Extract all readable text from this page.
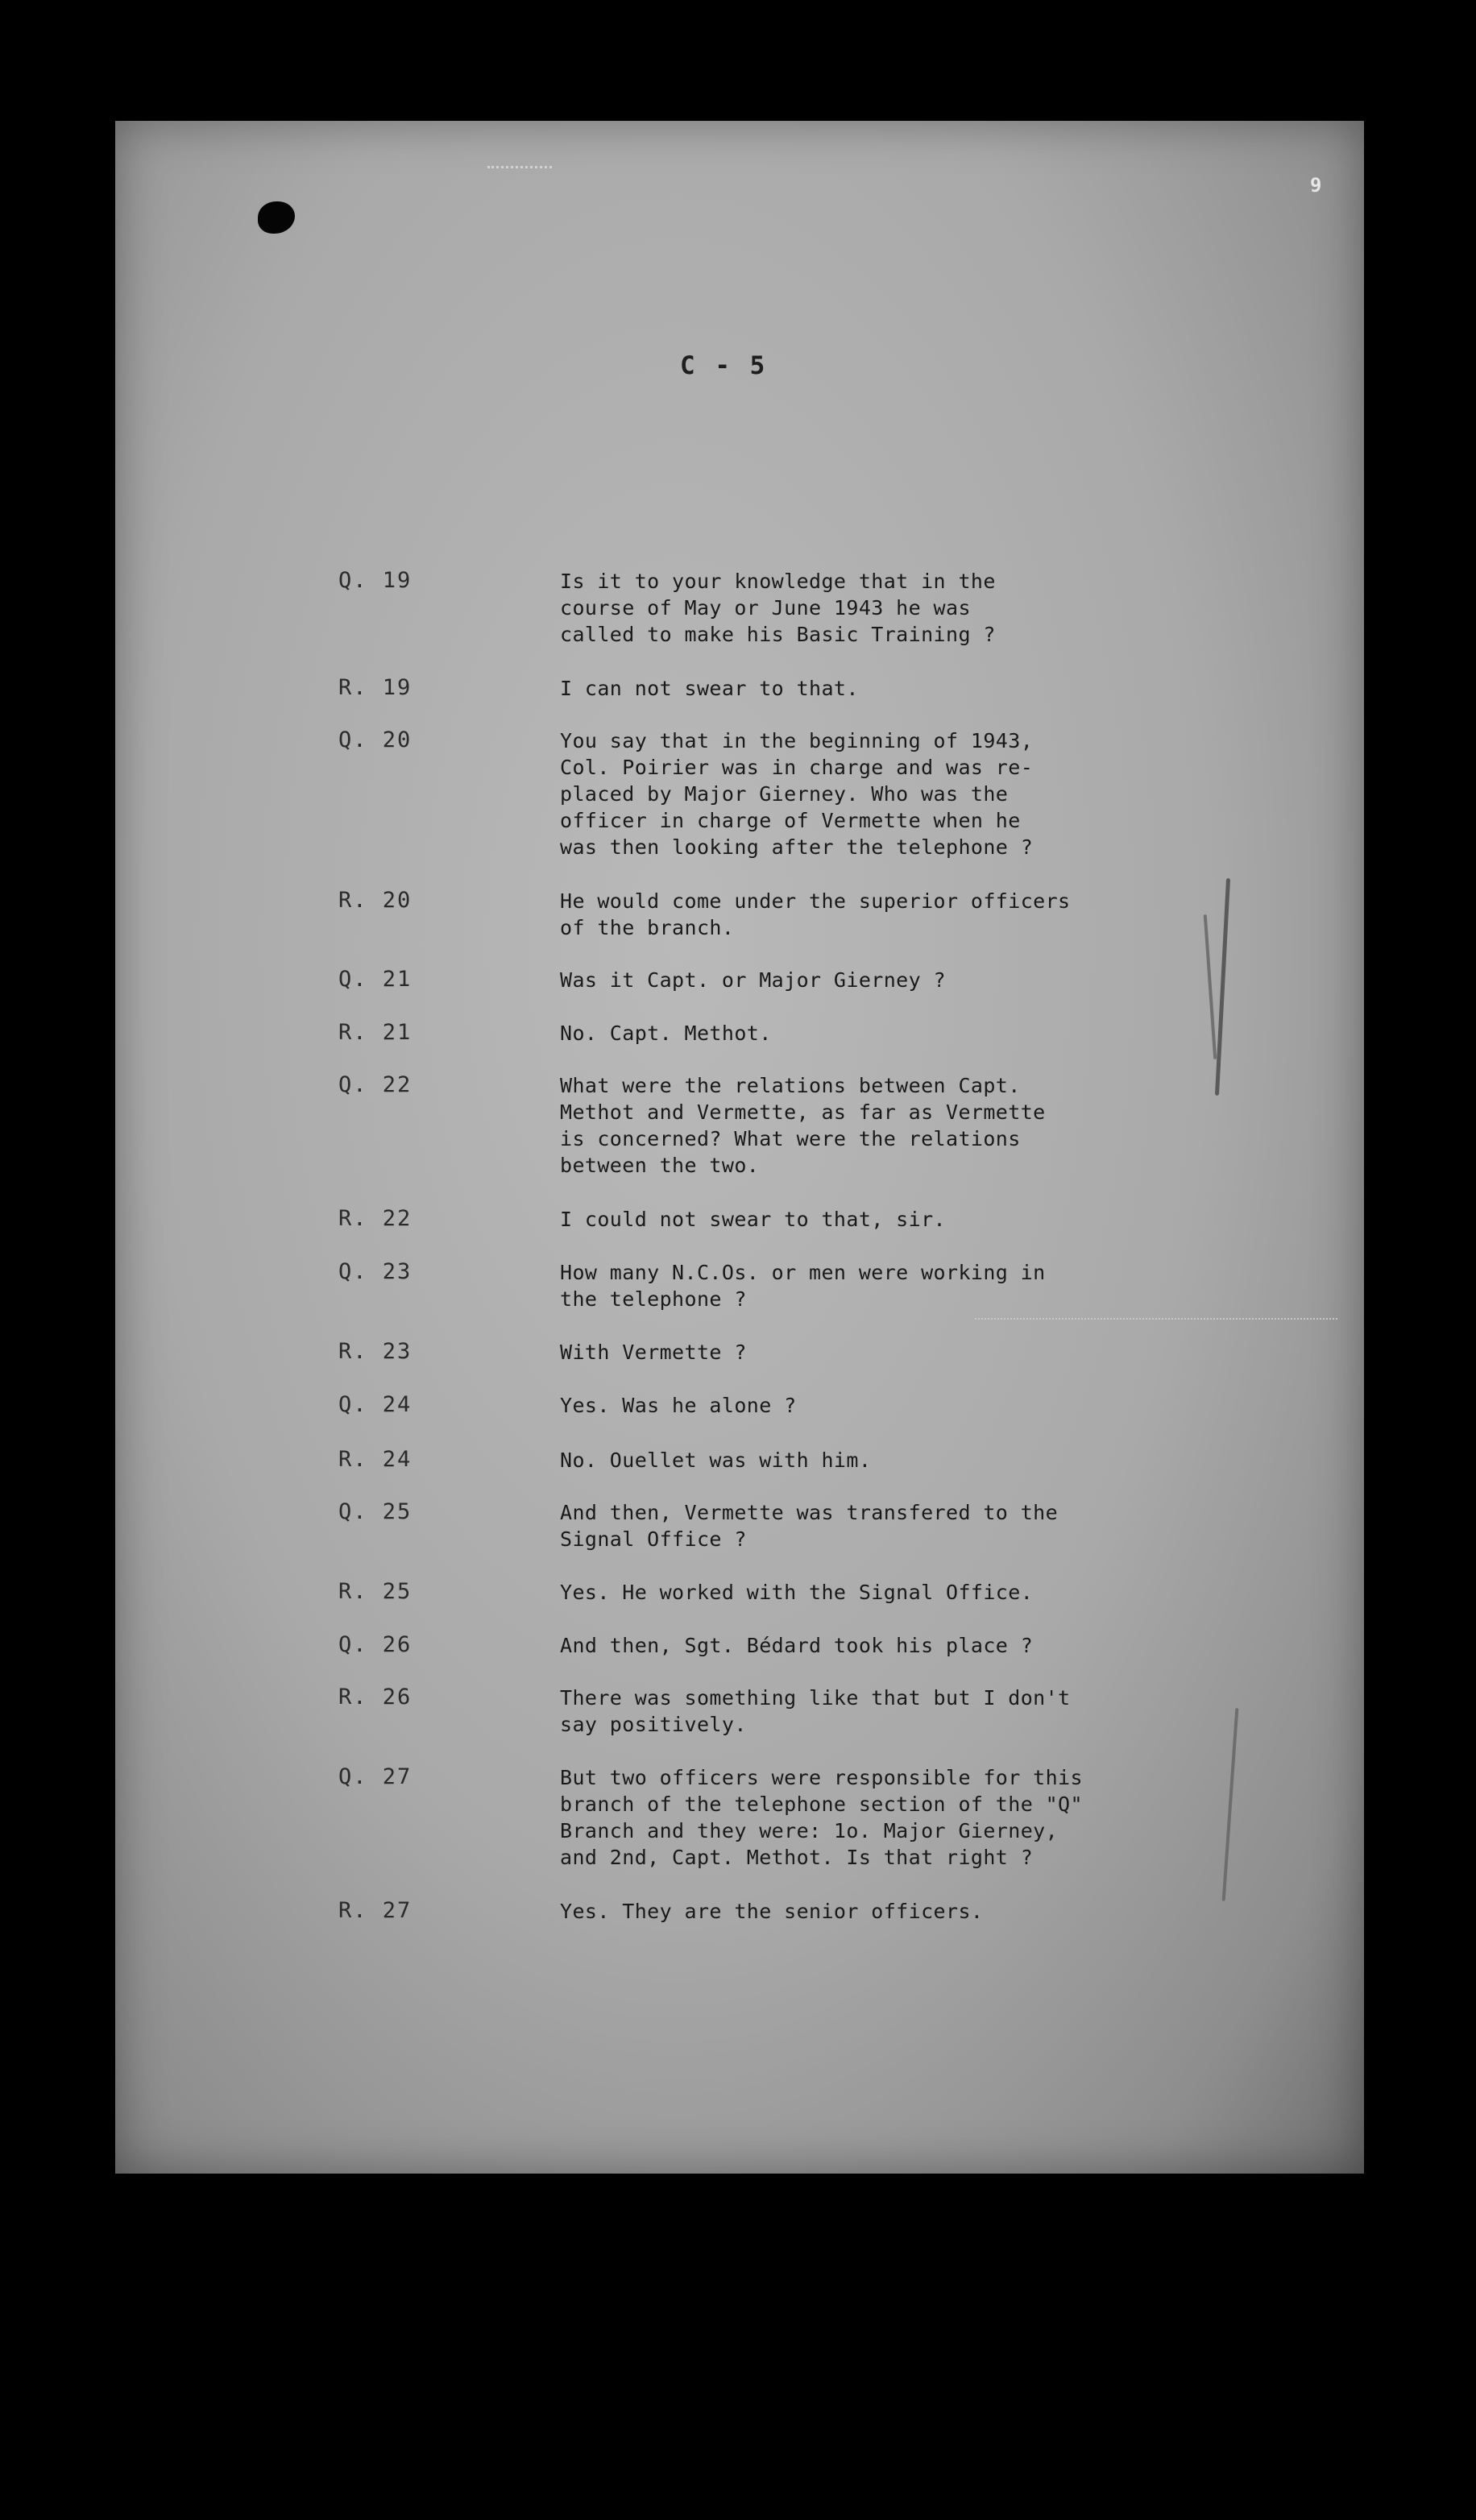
9
C - 5
Q. 19	Is it to your knowledge that in the
course of May or June 1943 he was
called to make his Basic Training ?
R. 19	I can not swear to that.
Q. 20	You say that in the beginning of 1943,
Col. Poirier was in charge and was re-
placed by Major Gierney. Who was the
officer in charge of Vermette when he
was then looking after the telephone ?
R. 20	He would come under the superior officers
of the branch.
Q. 21	Was it Capt. or Major Gierney ?
R. 21	No. Capt. Methot.
Q. 22	What were the relations between Capt.
Methot and Vermette, as far as Vermette
is concerned? What were the relations
between the two.
R. 22	I could not swear to that, sir.
Q. 23	How many N.C.Os. or men were working in
the telephone ?
R. 23	With Vermette ?
Q. 24	Yes. Was he alone ?
R. 24	No. Ouellet was with him.
Q. 25	And then, Vermette was transfered to the
Signal Office ?
R. 25	Yes. He worked with the Signal Office.
Q. 26	And then, Sgt. Bédard took his place ?
R. 26	There was something like that but I don't
say positively.
Q. 27	But two officers were responsible for this
branch of the telephone section of the "Q"
Branch and they were: 1o. Major Gierney,
and 2nd, Capt. Methot. Is that right ?
R. 27	Yes. They are the senior officers.
